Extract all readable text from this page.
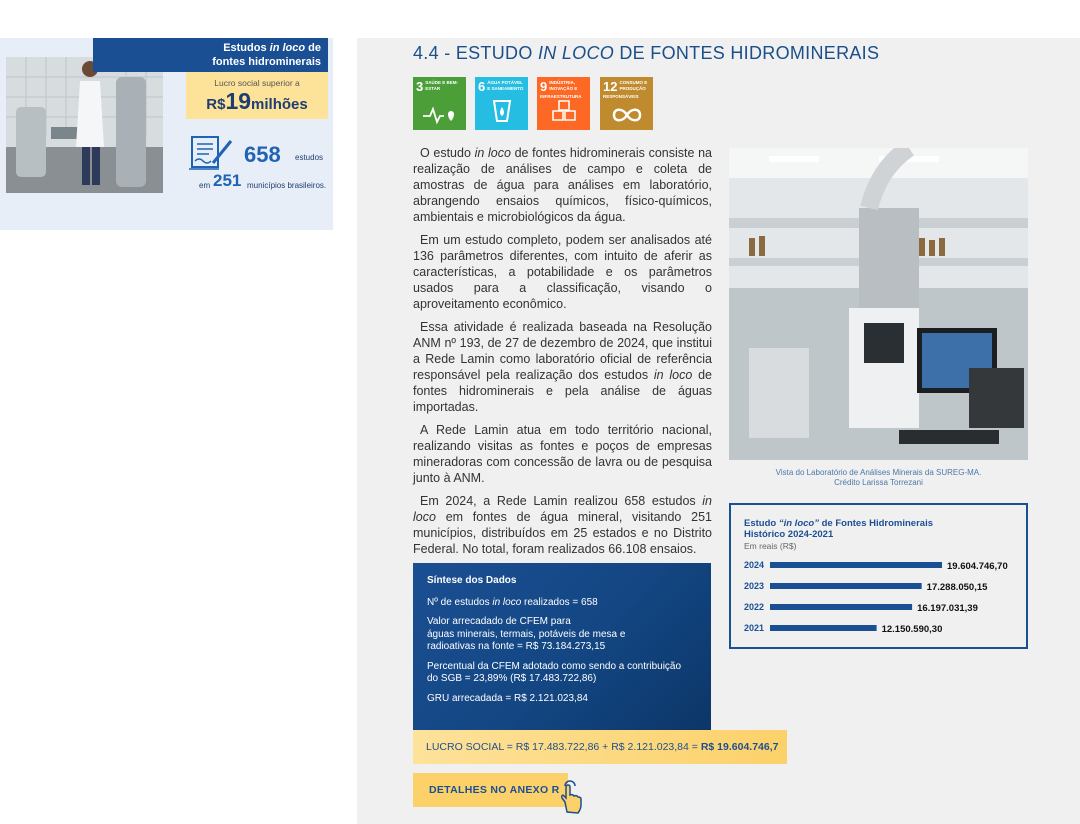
Estudos in loco de
fontes hidrominerais
Lucro social superior a
R$19milhões
658 estudos
em 251 municípios brasileiros.
4.4 - ESTUDO IN LOCO DE FONTES HIDROMINERAIS
3 SAÚDE E BEM-ESTAR	6 ÁGUA POTÁVEL E SANEAMENTO 9 INDÚSTRIA, INOVAÇÃO E INFRAESTRUTURA
12 CONSUMO E PRODUÇÃO RESPONSÁVEIS

O estudo in loco de fontes hidrominerais consiste na realização de análises de campo e coleta de amostras de água para análises em laboratório, abrangendo ensaios químicos, físico-químicos, ambientais e microbiológicos da água.

Em um estudo completo, podem ser analisados até 136 parâmetros diferentes, com intuito de aferir as características, a potabilidade e os parâmetros usados para a classificação, visando o aproveitamento econômico.

Essa atividade é realizada baseada na Resolução ANM nº 193, de 27 de dezembro de 2024, que institui a Rede Lamin como laboratório oficial de referência responsável pela realização dos estudos in loco de fontes hidrominerais e pela análise de águas importadas.

A Rede Lamin atua em todo território nacional, realizando visitas as fontes e poços de empresas mineradoras com concessão de lavra ou de pesquisa junto à ANM.

Em 2024, a Rede Lamin realizou 658 estudos in loco em fontes de água mineral, visitando 251 municípios, distribuídos em 25 estados e no Distrito Federal. No total, foram realizados 66.108 ensaios.

Vista do Laboratório de Análises Minerais da SUREG-MA.
Crédito Larissa Torrezani
Estudo “in loco” de Fontes Hidrominerais
Histórico 2024-2021
Em reais (R$)
2024	19.604.746,70
2023	17.288.050,15
2022	16.197.031,39
2021	12.150.590,30
Síntese dos Dados
Nº de estudos in loco realizados = 658
Valor arrecadado de CFEM para
águas minerais, termais, potáveis de mesa e
radioativas na fonte = R$ 73.184.273,15
Percentual da CFEM adotado como sendo a contribuição
do SGB = 23,89% (R$ 17.483.722,86)
GRU arrecadada = R$ 2.121.023,84
LUCRO SOCIAL = R$ 17.483.722,86 + R$ 2.121.023,84 = R$ 19.604.746,7
DETALHES NO ANEXO R
